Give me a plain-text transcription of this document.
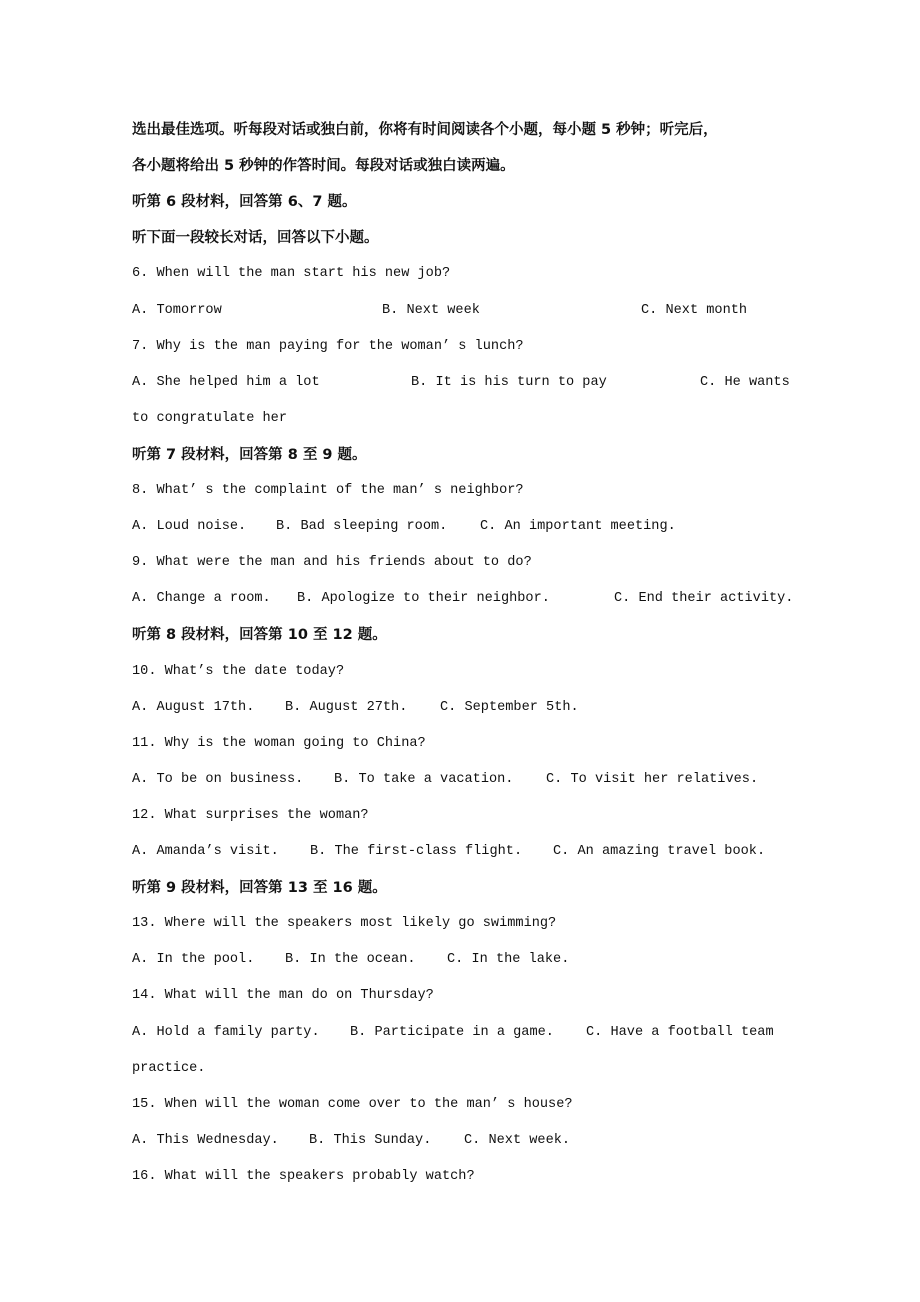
选出最佳选项。听每段对话或独白前，你将有时间阅读各个小题，每小题 5 秒钟；听完后，
各小题将给出 5 秒钟的作答时间。每段对话或独白读两遍。
听第 6 段材料，回答第 6、7 题。
听下面一段较长对话，回答以下小题。
6. When will the man start his new job?
A. Tomorrow	B. Next week	C. Next month
7. Why is the man paying for the woman’ s lunch?
A. She helped him a lot	B. It is his turn to pay	C. He wants
to congratulate her
听第 7 段材料，回答第 8 至 9 题。
8. What’ s the complaint of the man’ s neighbor?
A. Loud noise. B. Bad sleeping room. C. An important meeting.
9. What were the man and his friends about to do?
A. Change a room. B. Apologize to their neighbor.	C. End their activity.
听第 8 段材料，回答第 10 至 12 题。
10. What’s the date today?
A. August 17th. B. August 27th. C. September 5th.
11. Why is the woman going to China?
A. To be on business. B. To take a vacation. C. To visit her relatives.
12. What surprises the woman?
A. Amanda’s visit. B. The first-class flight. C. An amazing travel book.
听第 9 段材料，回答第 13 至 16 题。
13. Where will the speakers most likely go swimming?
A. In the pool. B. In the ocean. C. In the lake.
14. What will the man do on Thursday?
A. Hold a family party. B. Participate in a game. C. Have a football team
practice.
15. When will the woman come over to the man’ s house?
A. This Wednesday. B. This Sunday. C. Next week.
16. What will the speakers probably watch?
